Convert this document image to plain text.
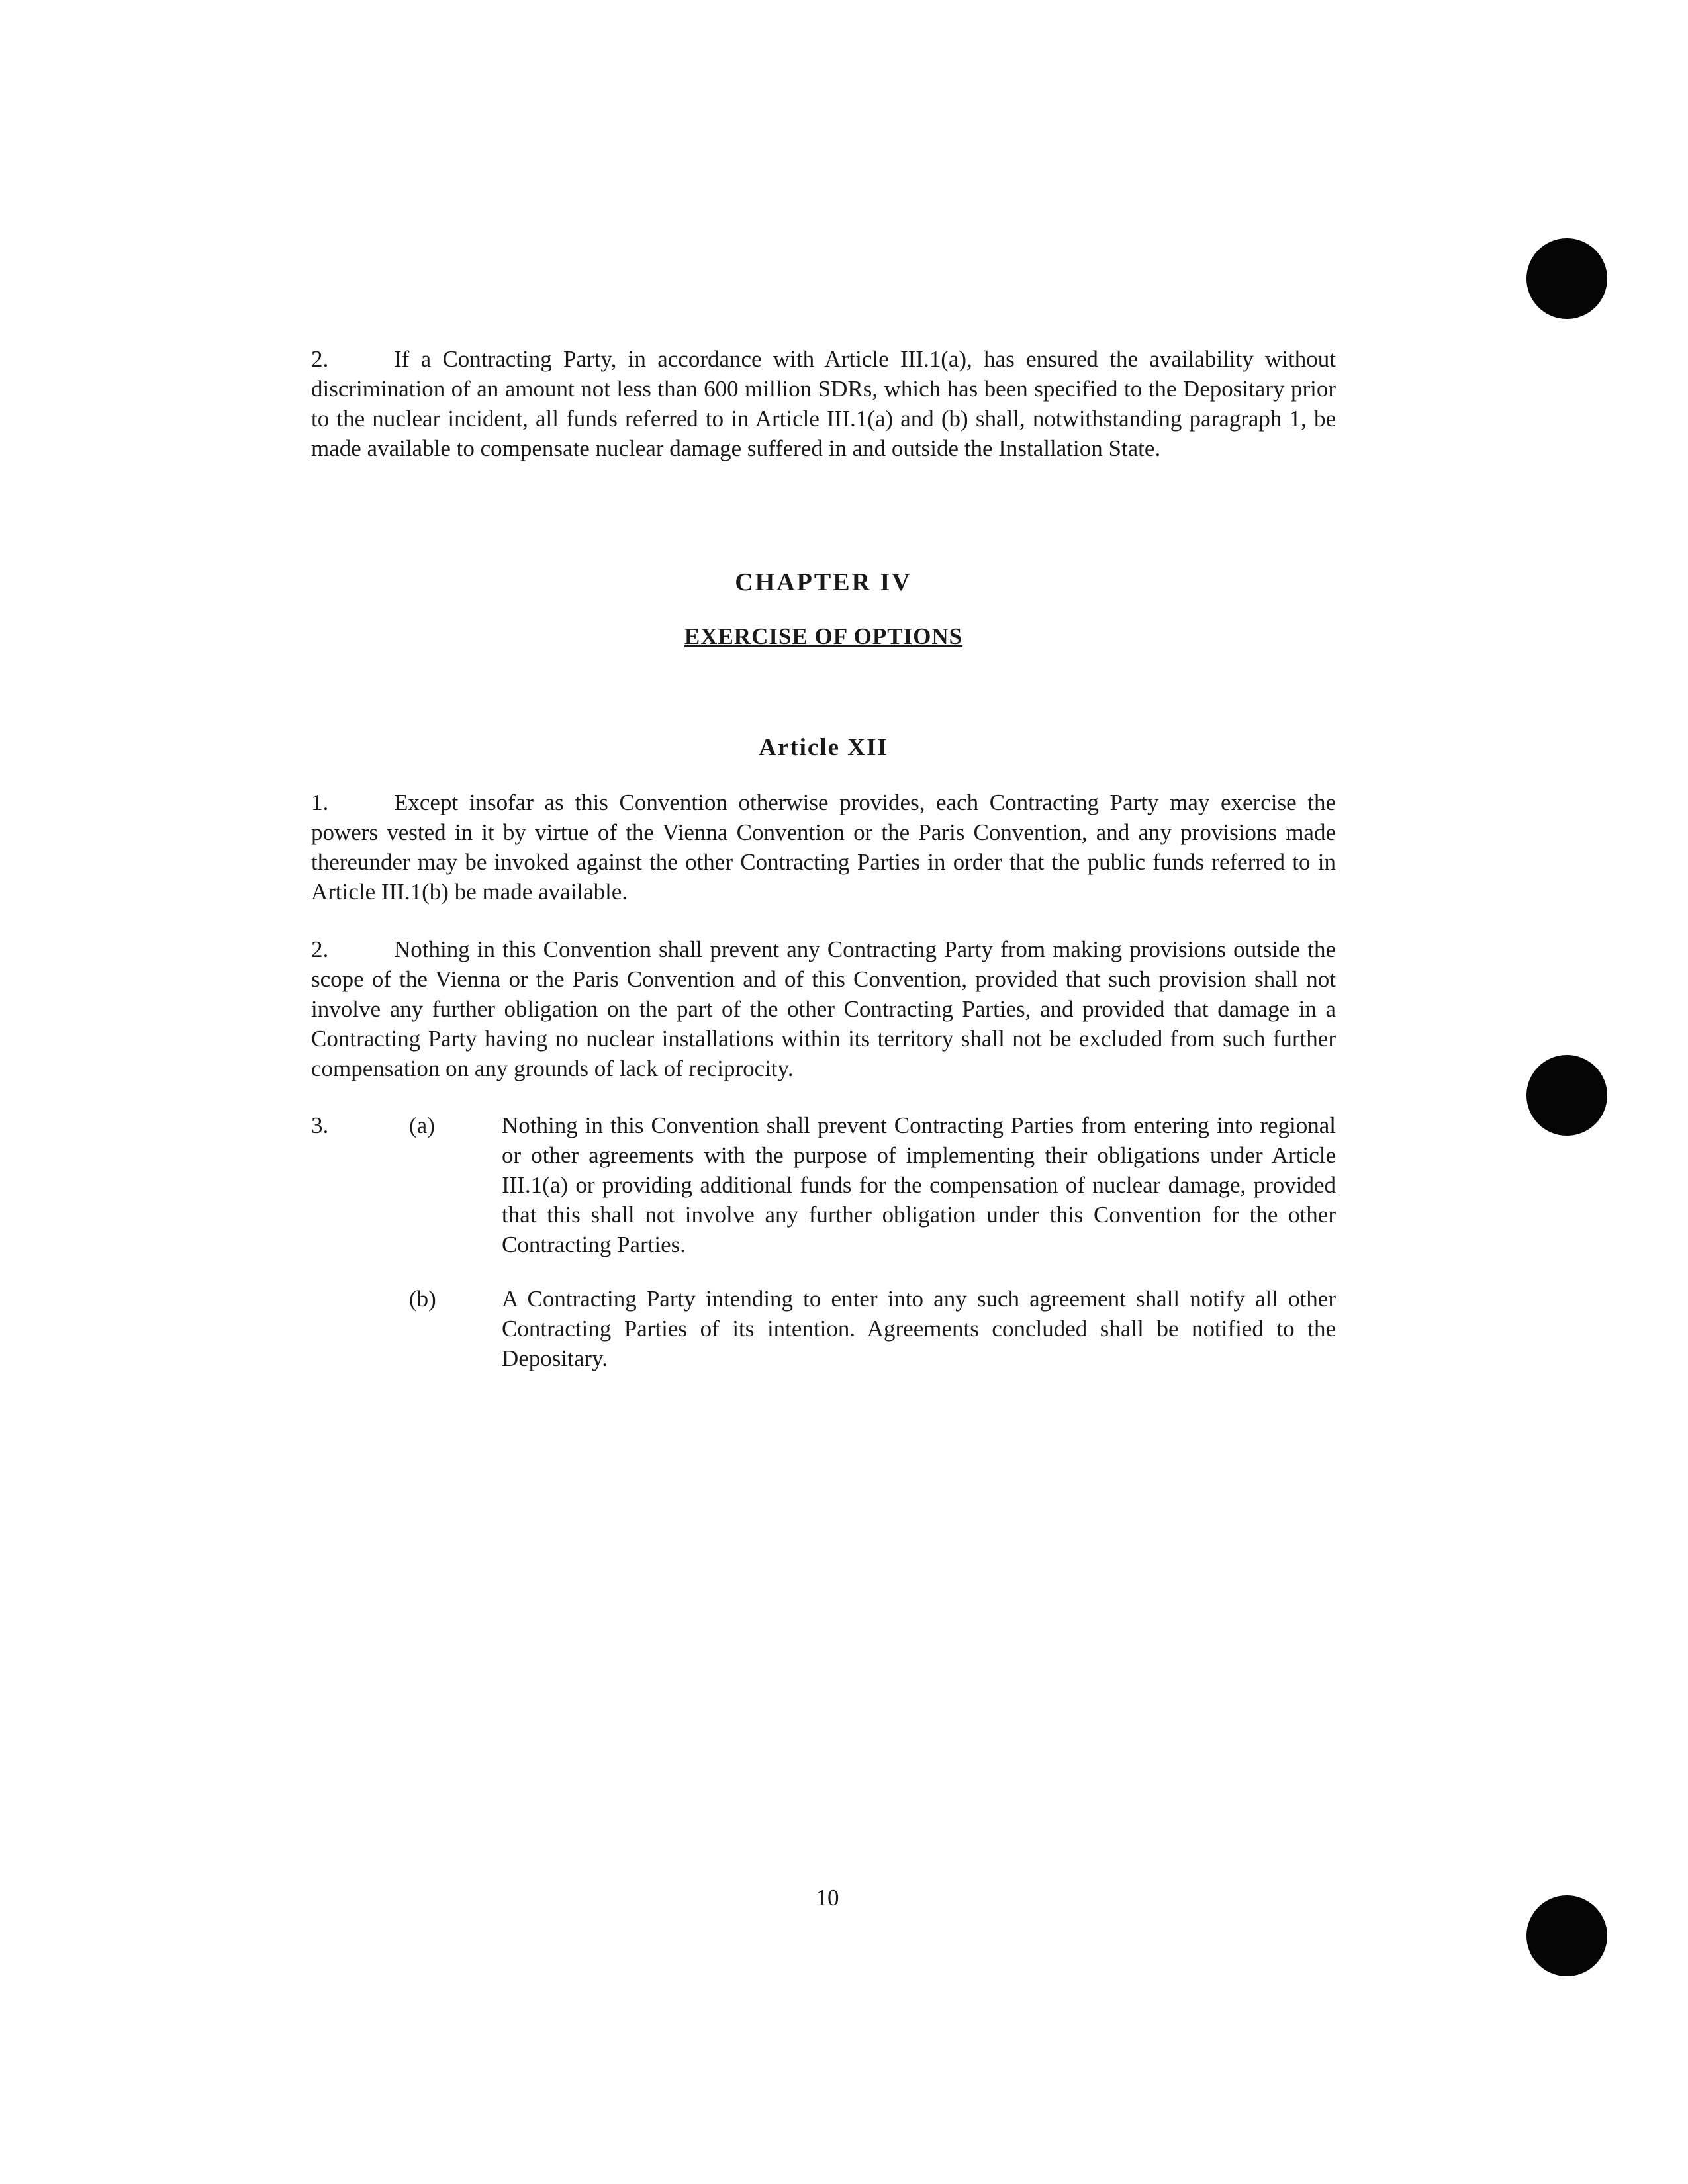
2.	If a Contracting Party, in accordance with Article III.1(a), has ensured the availability without discrimination of an amount not less than 600 million SDRs, which has been specified to the Depositary prior to the nuclear incident, all funds referred to in Article III.1(a) and (b) shall, notwithstanding paragraph 1, be made available to compensate nuclear damage suffered in and outside the Installation State.

CHAPTER IV
EXERCISE OF OPTIONS
Article XII

1.	Except insofar as this Convention otherwise provides, each Contracting Party may exercise the powers vested in it by virtue of the Vienna Convention or the Paris Convention, and any provisions made thereunder may be invoked against the other Contracting Parties in order that the public funds referred to in Article III.1(b) be made available.

2.	Nothing in this Convention shall prevent any Contracting Party from making provisions outside the scope of the Vienna or the Paris Convention and of this Convention, provided that such provision shall not involve any further obligation on the part of the other Contracting Parties, and provided that damage in a Contracting Party having no nuclear installations within its territory shall not be excluded from such further compensation on any grounds of lack of reciprocity.

3.	(a)	Nothing in this Convention shall prevent Contracting Parties from entering into regional or other agreements with the purpose of implementing their obligations under Article III.1(a) or providing additional funds for the compensation of nuclear damage, provided that this shall not involve any further obligation under this Convention for the other Contracting Parties.

(b)	A Contracting Party intending to enter into any such agreement shall notify all other Contracting Parties of its intention. Agreements concluded shall be notified to the Depositary.

10
